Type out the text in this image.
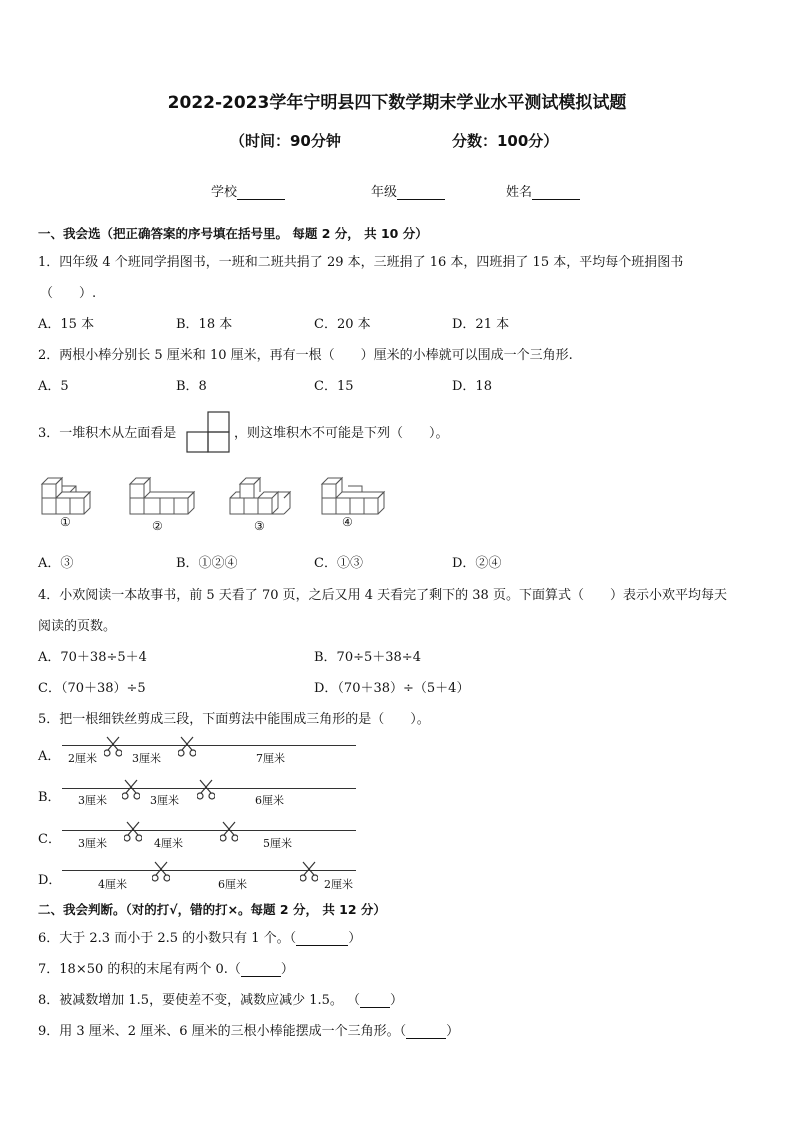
2022-2023学年宁明县四下数学期末学业水平测试模拟试题
（时间：90分钟	分数：100分）
学校	年级	姓名
一、我会选（把正确答案的序号填在括号里。 每题 2 分， 共 10 分）
1．四年级 4 个班同学捐图书，一班和二班共捐了 29 本，三班捐了 16 本，四班捐了 15 本，平均每个班捐图书
（　　）.
A．15 本	B．18 本	C．20 本	D．21 本
2．两根小棒分别长 5 厘米和 10 厘米，再有一根（　　）厘米的小棒就可以围成一个三角形.
A．5	B．8	C．15	D．18
3．一堆积木从左面看是	，则这堆积木不可能是下列（　　）。
①	②	③	④
A．③	B．①②④	C．①③	D．②④
4．小欢阅读一本故事书，前 5 天看了 70 页，之后又用 4 天看完了剩下的 38 页。下面算式（　　）表示小欢平均每天
阅读的页数。
A．70＋38÷5＋4	B．70÷5＋38÷4
C．（70＋38）÷5	D．（70＋38）÷（5＋4）
5．把一根细铁丝剪成三段，下面剪法中能围成三角形的是（　　）。
A． 2厘米	3厘米	7厘米
B． 3厘米	3厘米	6厘米
C． 3厘米	4厘米	5厘米
D．	4厘米	6厘米	2厘米
二、我会判断。（对的打√，错的打×。每题 2 分， 共 12 分）
6．大于 2.3 而小于 2.5 的小数只有 1 个。（	）
7．18×50 的积的末尾有两个 0.（	）
8．被减数增加 1.5，要使差不变，减数应减少 1.5。 （ ）
9．用 3 厘米、2 厘米、6 厘米的三根小棒能摆成一个三角形。（	）
